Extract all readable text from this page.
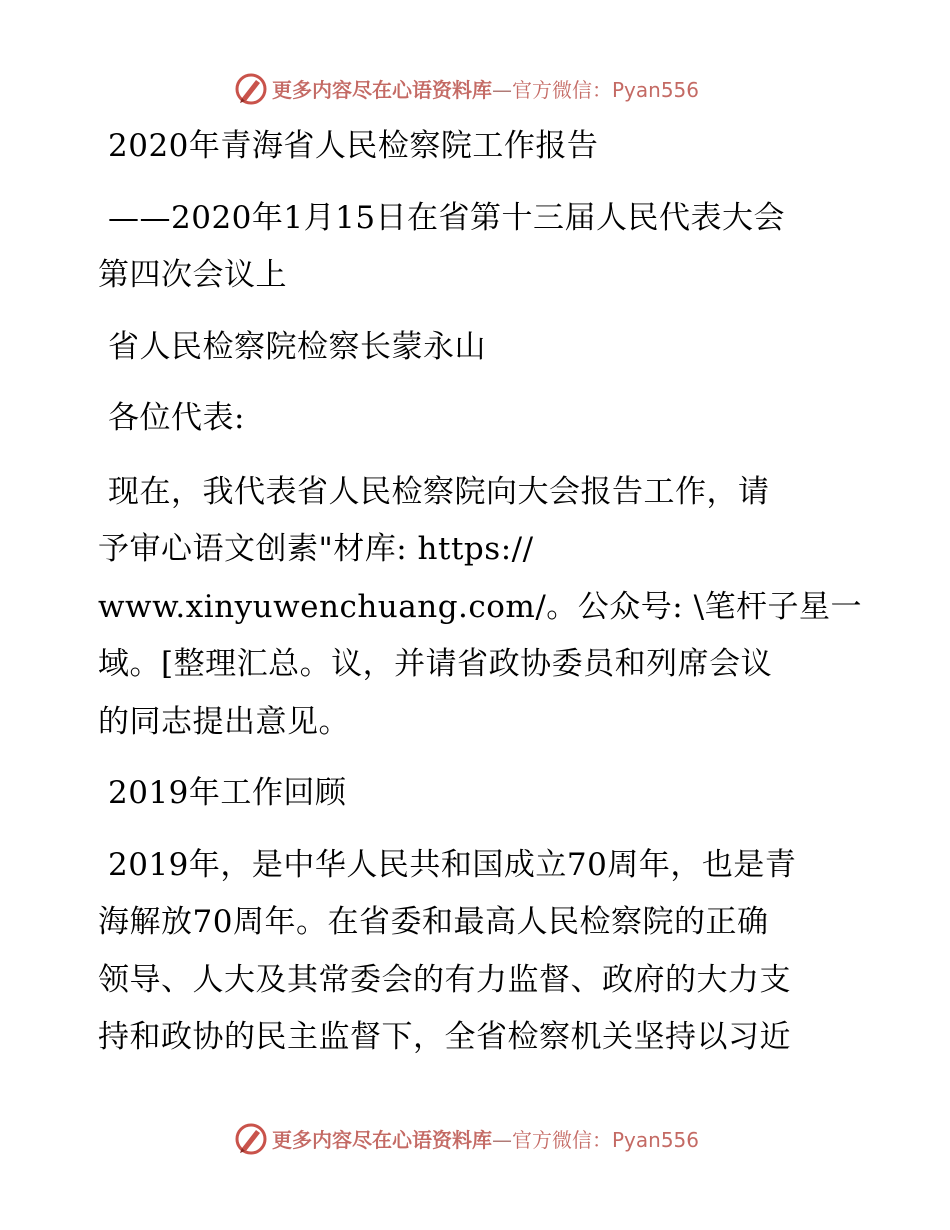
更多内容尽在心语资料库—官方微信：Pyan556

2020年青海省人民检察院工作报告

——2020年1月15日在省第十三届人民代表大会
第四次会议上

省人民检察院检察长蒙永山

各位代表:

现在，我代表省人民检察院向大会报告工作，请
予审心语文创素"材库: https://
www.xinyuwenchuang.com/。公众号: \笔杆子星一
域。[整理汇总。议，并请省政协委员和列席会议
的同志提出意见。

2019年工作回顾

2019年，是中华人民共和国成立70周年，也是青
海解放70周年。在省委和最高人民检察院的正确
领导、人大及其常委会的有力监督、政府的大力支
持和政协的民主监督下，全省检察机关坚持以习近

更多内容尽在心语资料库—官方微信：Pyan556
